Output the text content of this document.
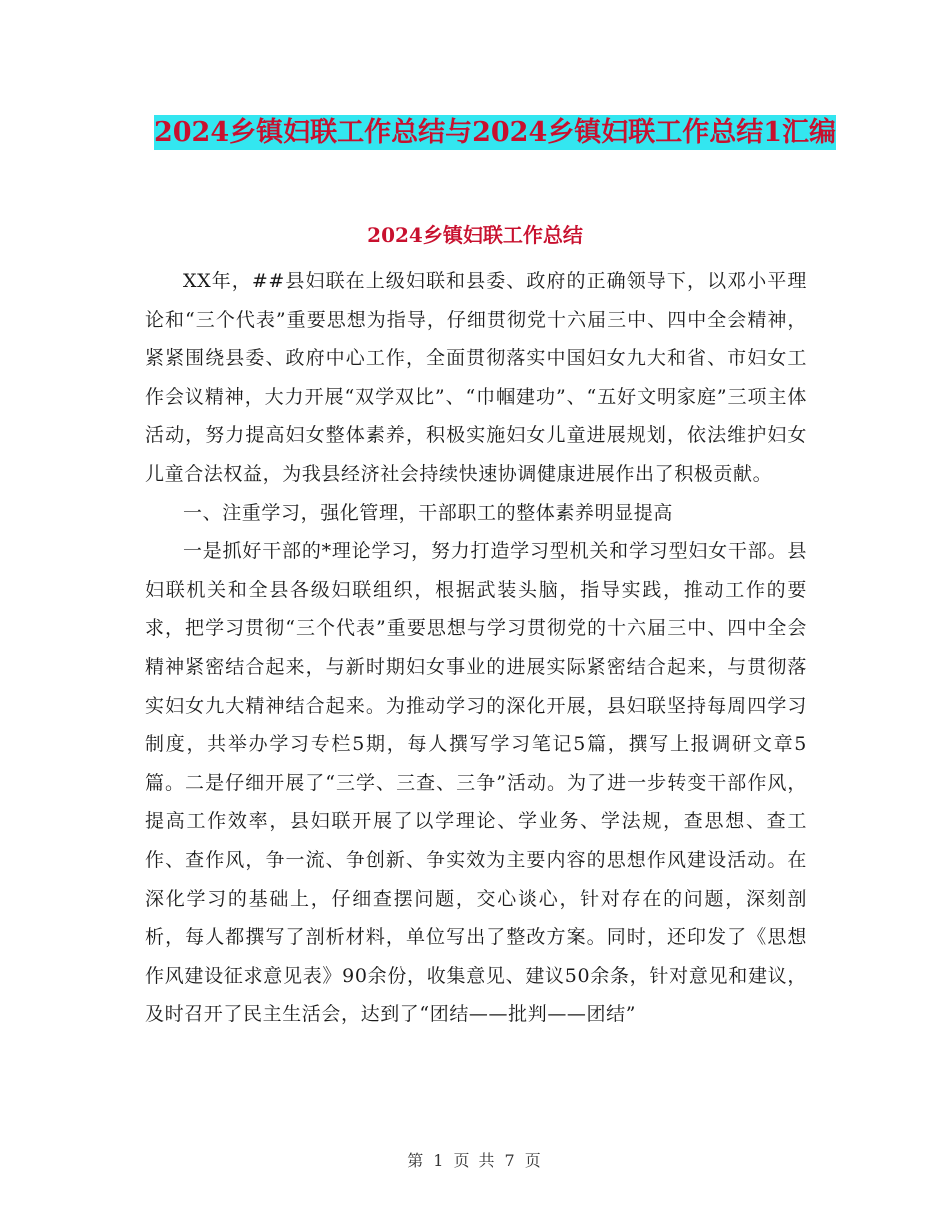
2024乡镇妇联工作总结与2024乡镇妇联工作总结1汇编
2024乡镇妇联工作总结

XX年，##县妇联在上级妇联和县委、政府的正确领导下，以邓小平理论和“三个代表”重要思想为指导，仔细贯彻党十六届三中、四中全会精神，紧紧围绕县委、政府中心工作，全面贯彻落实中国妇女九大和省、市妇女工作会议精神，大力开展“双学双比”、“巾帼建功”、“五好文明家庭”三项主体活动，努力提高妇女整体素养，积极实施妇女儿童进展规划，依法维护妇女儿童合法权益，为我县经济社会持续快速协调健康进展作出了积极贡献。

一、注重学习，强化管理，干部职工的整体素养明显提高

一是抓好干部的*理论学习，努力打造学习型机关和学习型妇女干部。县妇联机关和全县各级妇联组织，根据武装头脑，指导实践，推动工作的要求，把学习贯彻“三个代表”重要思想与学习贯彻党的十六届三中、四中全会精神紧密结合起来，与新时期妇女事业的进展实际紧密结合起来，与贯彻落实妇女九大精神结合起来。为推动学习的深化开展，县妇联坚持每周四学习制度，共举办学习专栏5期，每人撰写学习笔记5篇，撰写上报调研文章5篇。二是仔细开展了“三学、三查、三争”活动。为了进一步转变干部作风，提高工作效率，县妇联开展了以学理论、学业务、学法规，查思想、查工作、查作风，争一流、争创新、争实效为主要内容的思想作风建设活动。在深化学习的基础上，仔细查摆问题，交心谈心，针对存在的问题，深刻剖析，每人都撰写了剖析材料，单位写出了整改方案。同时，还印发了《思想作风建设征求意见表》90余份，收集意见、建议50余条，针对意见和建议，及时召开了民主生活会，达到了“团结——批判——团结”

第 1 页 共 7 页
